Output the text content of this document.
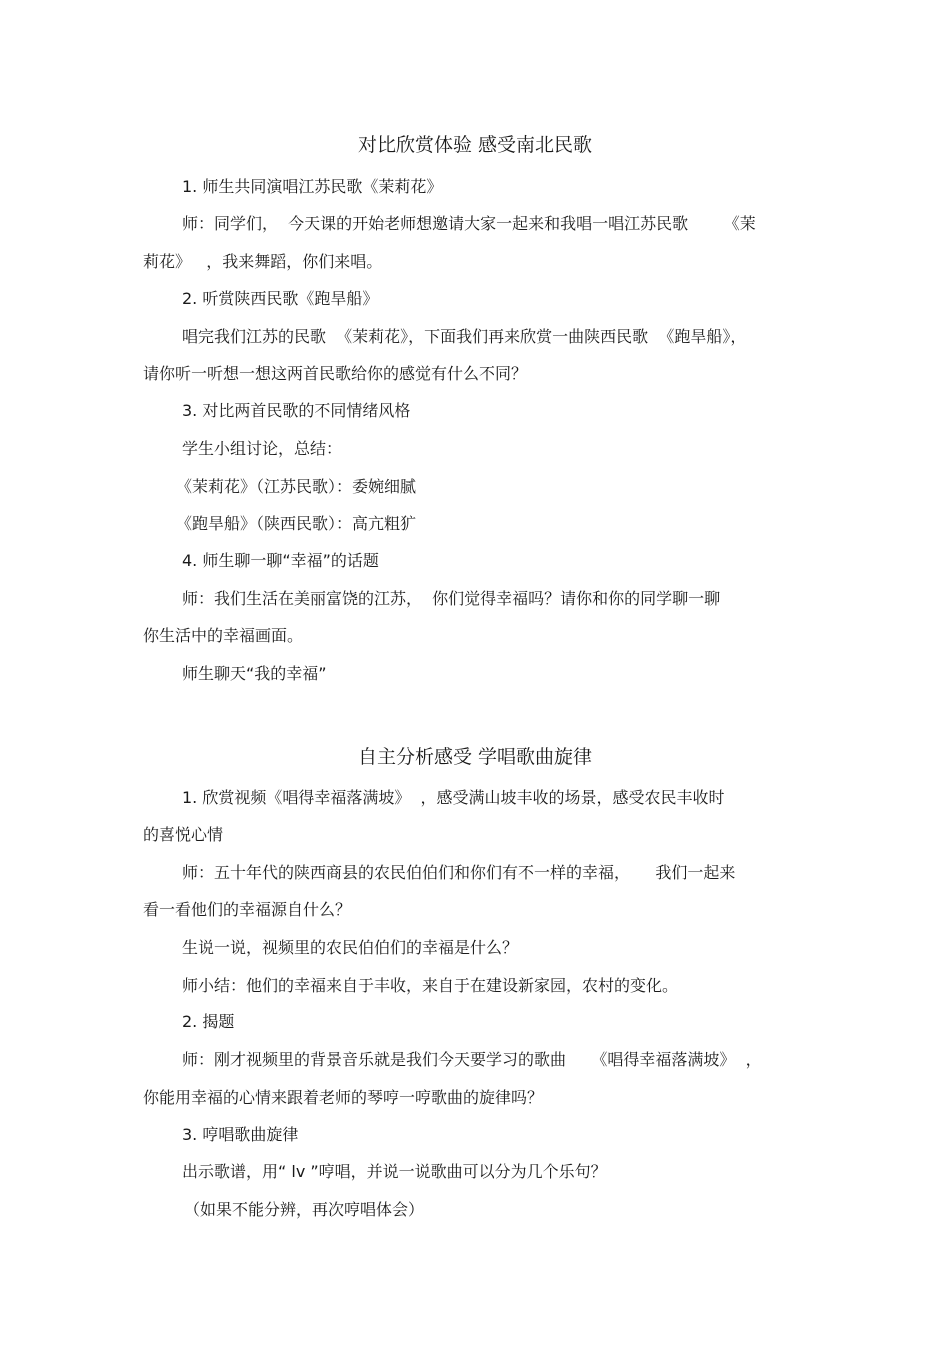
对比欣赏体验 感受南北民歌
1. 师生共同演唱江苏民歌《茉莉花》
师：同学们，  今天课的开始老师想邀请大家一起来和我唱一唱江苏民歌       《茉
莉花》   ，我来舞蹈，你们来唱。
2. 听赏陕西民歌《跑旱船》
唱完我们江苏的民歌  《茉莉花》，下面我们再来欣赏一曲陕西民歌  《跑旱船》，
请你听一听想一想这两首民歌给你的感觉有什么不同？
3. 对比两首民歌的不同情绪风格
学生小组讨论，总结：
《茉莉花》（江苏民歌）：委婉细腻
《跑旱船》（陕西民歌）：高亢粗犷
4. 师生聊一聊“幸福”的话题
师：我们生活在美丽富饶的江苏，  你们觉得幸福吗？请你和你的同学聊一聊
你生活中的幸福画面。
师生聊天“我的幸福”
自主分析感受 学唱歌曲旋律
1. 欣赏视频《唱得幸福落满坡》  ，感受满山坡丰收的场景，感受农民丰收时
的喜悦心情
师：五十年代的陕西商县的农民伯伯们和你们有不一样的幸福，     我们一起来
看一看他们的幸福源自什么？
生说一说，视频里的农民伯伯们的幸福是什么？
师小结：他们的幸福来自于丰收，来自于在建设新家园，农村的变化。
2. 揭题
师：刚才视频里的背景音乐就是我们今天要学习的歌曲     《唱得幸福落满坡》  ，
你能用幸福的心情来跟着老师的琴哼一哼歌曲的旋律吗？
3. 哼唱歌曲旋律
出示歌谱，用“ lv ”哼唱，并说一说歌曲可以分为几个乐句？
（如果不能分辨，再次哼唱体会）
